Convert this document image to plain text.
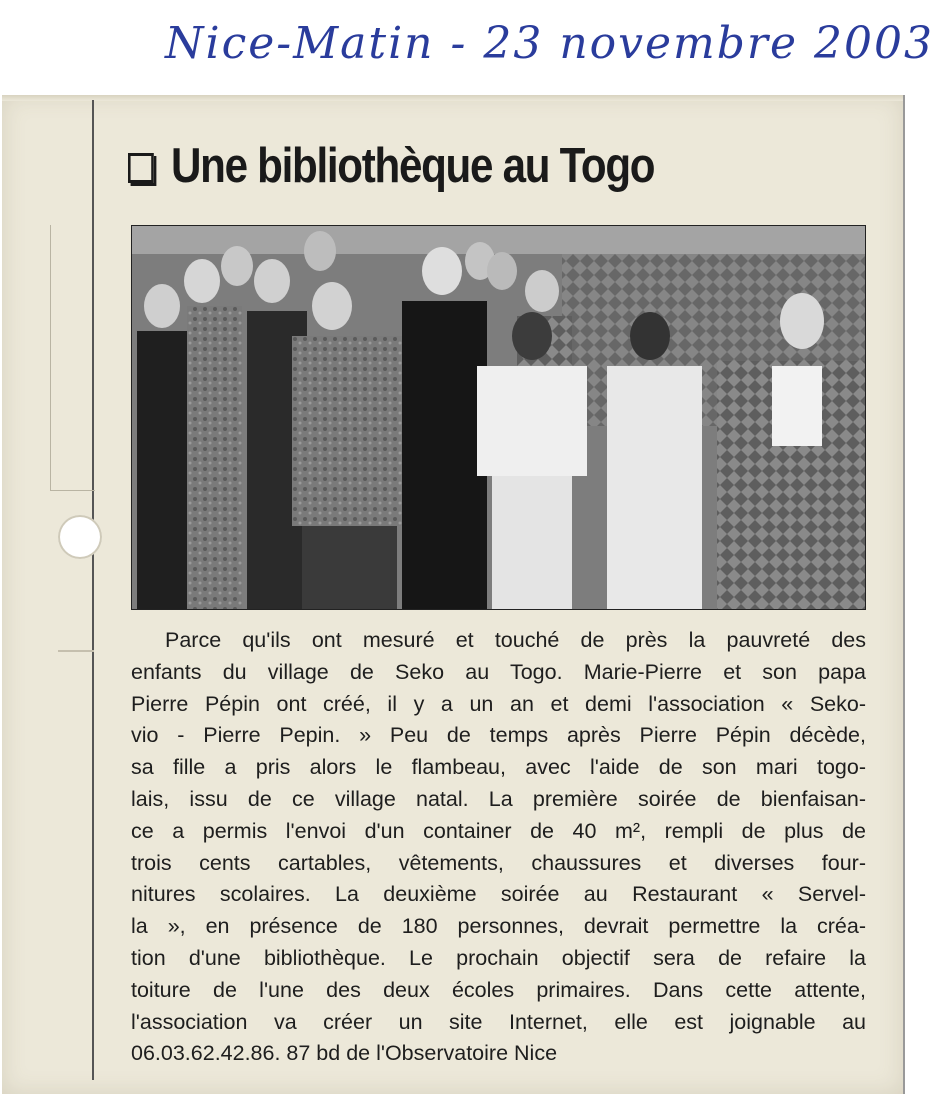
Nice-Matin - 23 novembre 2003
Une bibliothèque au Togo
Parce qu'ils ont mesuré et touché de près la pauvreté des
enfants du village de Seko au Togo. Marie-Pierre et son papa
Pierre Pépin ont créé, il y a un an et demi l'association « Seko-
vio - Pierre Pepin. » Peu de temps après Pierre Pépin décède,
sa fille a pris alors le flambeau, avec l'aide de son mari togo-
lais, issu de ce village natal. La première soirée de bienfaisan-
ce a permis l'envoi d'un container de 40 m², rempli de plus de
trois cents cartables, vêtements, chaussures et diverses four-
nitures scolaires. La deuxième soirée au Restaurant « Servel-
la », en présence de 180 personnes, devrait permettre la créa-
tion d'une bibliothèque. Le prochain objectif sera de refaire la
toiture de l'une des deux écoles primaires. Dans cette attente,
l'association va créer un site Internet, elle est joignable au
06.03.62.42.86. 87 bd de l'Observatoire Nice
